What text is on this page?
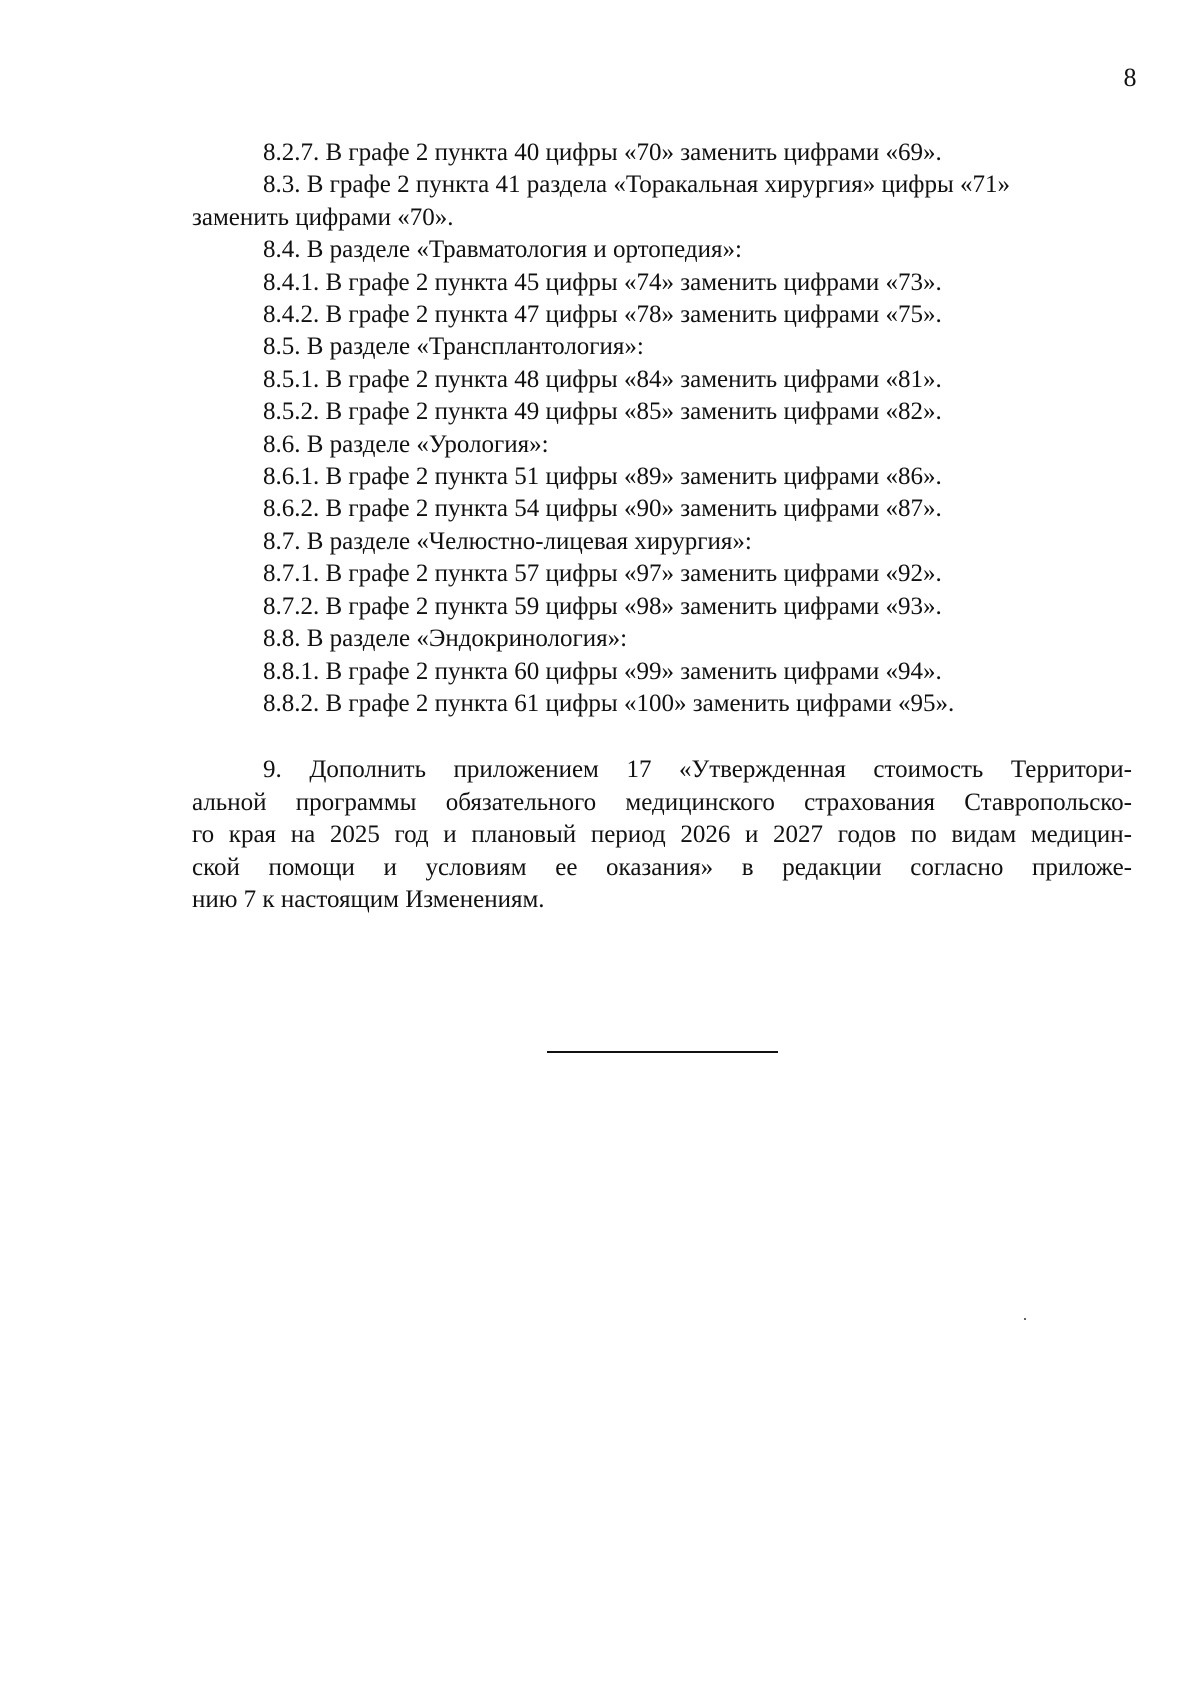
8
8.2.7. В графе 2 пункта 40 цифры «70» заменить цифрами «69».
8.3. В графе 2 пункта 41 раздела «Торакальная хирургия» цифры «71»
заменить цифрами «70».
8.4. В разделе «Травматология и ортопедия»:
8.4.1. В графе 2 пункта 45 цифры «74» заменить цифрами «73».
8.4.2. В графе 2 пункта 47 цифры «78» заменить цифрами «75».
8.5. В разделе «Трансплантология»:
8.5.1. В графе 2 пункта 48 цифры «84» заменить цифрами «81».
8.5.2. В графе 2 пункта 49 цифры «85» заменить цифрами «82».
8.6. В разделе «Урология»:
8.6.1. В графе 2 пункта 51 цифры «89» заменить цифрами «86».
8.6.2. В графе 2 пункта 54 цифры «90» заменить цифрами «87».
8.7. В разделе «Челюстно-лицевая хирургия»:
8.7.1. В графе 2 пункта 57 цифры «97» заменить цифрами «92».
8.7.2. В графе 2 пункта 59 цифры «98» заменить цифрами «93».
8.8. В разделе «Эндокринология»:
8.8.1. В графе 2 пункта 60 цифры «99» заменить цифрами «94».
8.8.2. В графе 2 пункта 61 цифры «100» заменить цифрами «95».
9. Дополнить приложением 17 «Утвержденная стоимость Территори-
альной программы обязательного медицинского страхования Ставропольско-
го края на 2025 год и плановый период 2026 и 2027 годов по видам медицин-
ской помощи и условиям ее оказания» в редакции согласно приложе-
нию 7 к настоящим Изменениям.
